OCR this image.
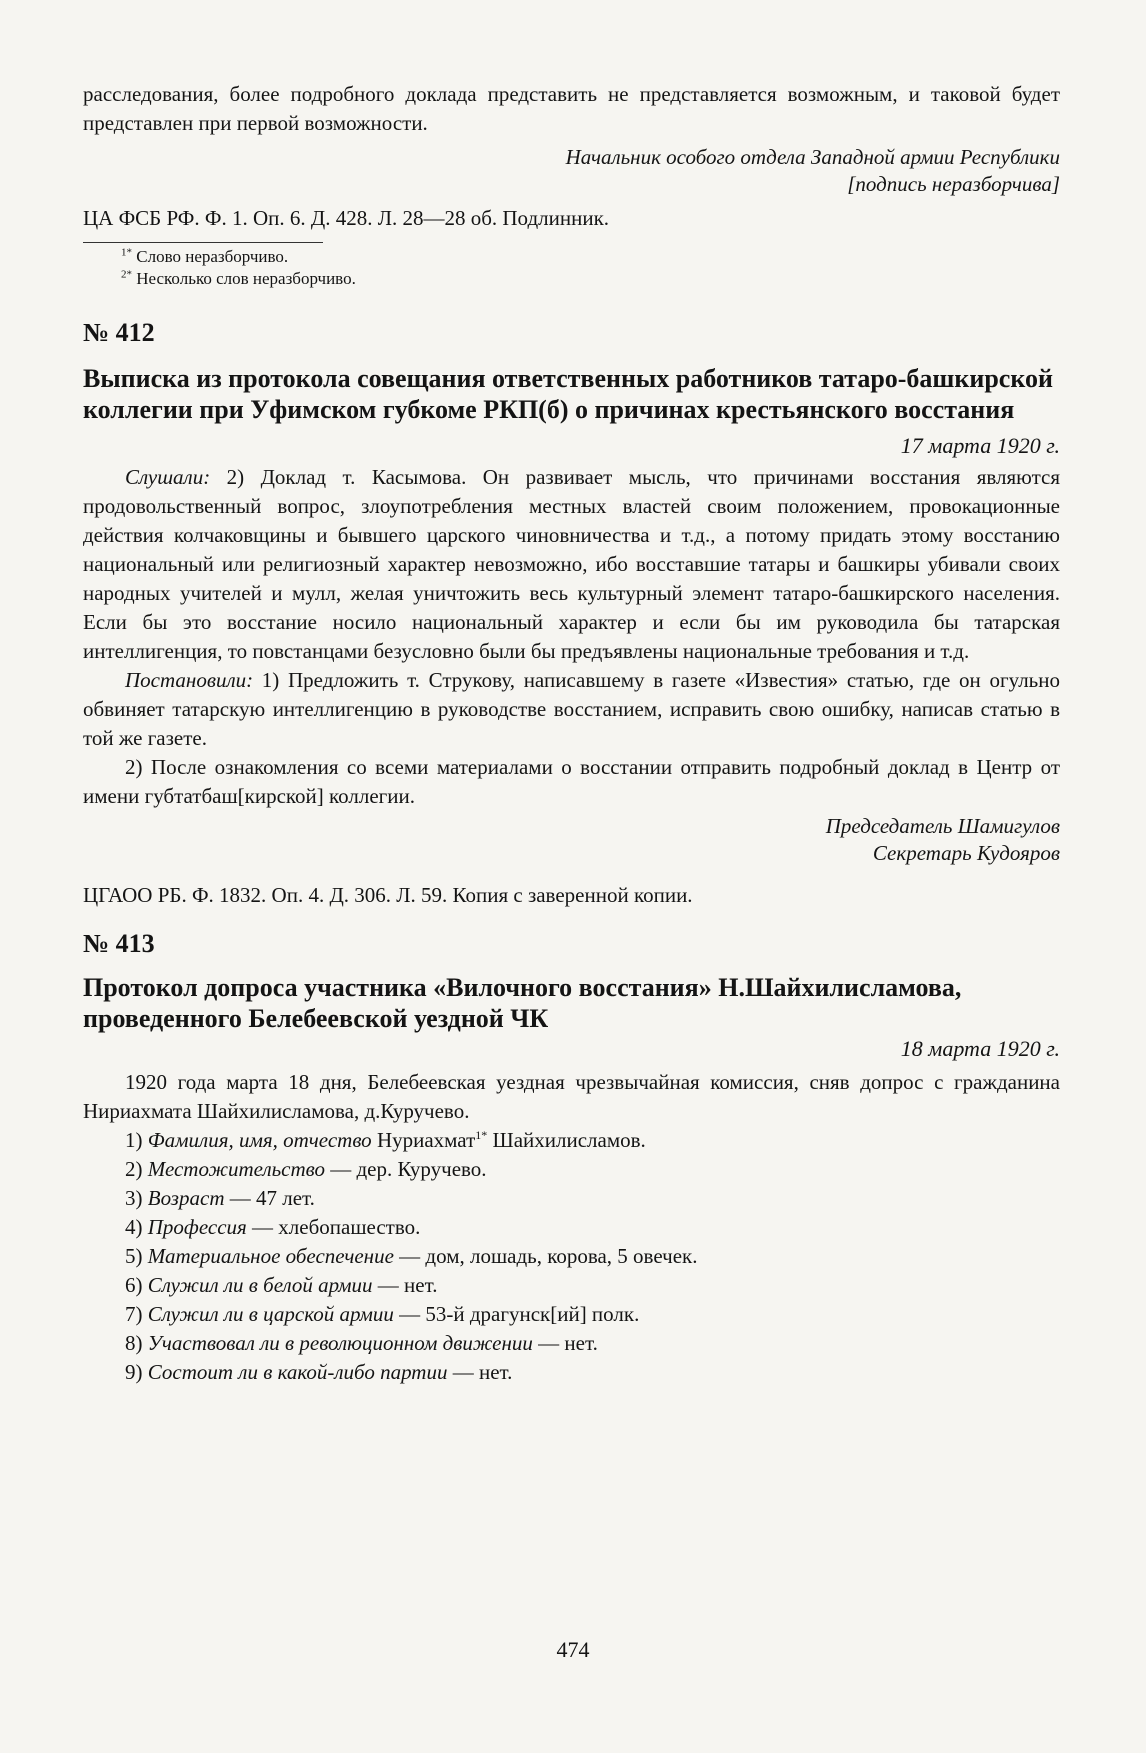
расследования, более подробного доклада представить не представляется возможным, и таковой будет представлен при первой возможности.

Начальник особого отдела Западной армии Республики

[подпись неразборчива]

ЦА ФСБ РФ. Ф. 1. Оп. 6. Д. 428. Л. 28—28 об. Подлинник.

$^{1*}$ Слово неразборчиво.

$^{2*}$ Несколько слов неразборчиво.

№ 412

Выписка из протокола совещания ответственных работников татаро-башкирской коллегии при Уфимском губкоме РКП(б) о причинах крестьянского восстания

17 марта 1920 г.

Слушали: 2) Доклад т. Касымова. Он развивает мысль, что причинами восстания являются продовольственный вопрос, злоупотребления местных властей своим положением, провокационные действия колчаковщины и бывшего царского чиновничества и т.д., а потому придать этому восстанию национальный или религиозный характер невозможно, ибо восставшие татары и башкиры убивали своих народных учителей и мулл, желая уничтожить весь культурный элемент татаро-башкирского населения. Если бы это восстание носило национальный характер и если бы им руководила бы татарская интеллигенция, то повстанцами безусловно были бы предъявлены национальные требования и т.д.

Постановили: 1) Предложить т. Струкову, написавшему в газете «Известия» статью, где он огульно обвиняет татарскую интеллигенцию в руководстве восстанием, исправить свою ошибку, написав статью в той же газете.

2) После ознакомления со всеми материалами о восстании отправить подробный доклад в Центр от имени губтатбаш[кирской] коллегии.

Председатель Шамигулов

Секретарь Кудояров

ЦГАОО РБ. Ф. 1832. Оп. 4. Д. 306. Л. 59. Копия с заверенной копии.

№ 413

Протокол допроса участника «Вилочного восстания» Н.Шайхилисламова, проведенного Белебеевской уездной ЧК

18 марта 1920 г.

1920 года марта 18 дня, Белебеевская уездная чрезвычайная комиссия, сняв допрос с гражданина Нириахмата Шайхилисламова, д.Куручево.

1) Фамилия, имя, отчество Нуриахмат$^{1*}$ Шайхилисламов.

2) Местожительство — дер. Куручево.

3) Возраст — 47 лет.

4) Профессия — хлебопашество.

5) Материальное обеспечение — дом, лошадь, корова, 5 овечек.

6) Служил ли в белой армии — нет.

7) Служил ли в царской армии — 53-й драгунск[ий] полк.

8) Участвовал ли в революционном движении — нет.

9) Состоит ли в какой-либо партии — нет.

474
